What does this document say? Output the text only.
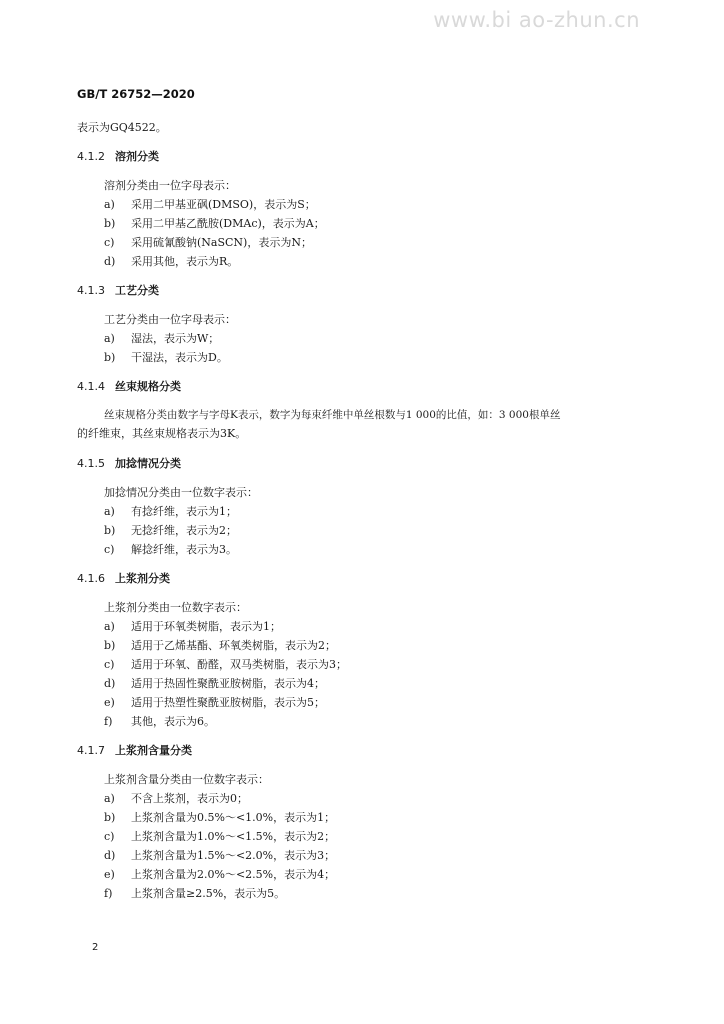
www.bi ao-zhun.cn
GB/T 26752—2020
表示为GQ4522。
4.1.2 溶剂分类
溶剂分类由一位字母表示：
a) 采用二甲基亚砜(DMSO)，表示为S；
b) 采用二甲基乙酰胺(DMAc)，表示为A；
c) 采用硫氰酸钠(NaSCN)，表示为N；
d) 采用其他，表示为R。
4.1.3 工艺分类
工艺分类由一位字母表示：
a) 湿法，表示为W；
b) 干湿法，表示为D。
4.1.4 丝束规格分类
丝束规格分类由数字与字母K表示，数字为每束纤维中单丝根数与1 000的比值，如：3 000根单丝
的纤维束，其丝束规格表示为3K。
4.1.5 加捻情况分类
加捻情况分类由一位数字表示：
a) 有捻纤维，表示为1；
b) 无捻纤维，表示为2；
c) 解捻纤维，表示为3。
4.1.6 上浆剂分类
上浆剂分类由一位数字表示：
a) 适用于环氧类树脂，表示为1；
b) 适用于乙烯基酯、环氧类树脂，表示为2；
c) 适用于环氧、酚醛，双马类树脂，表示为3；
d) 适用于热固性聚酰亚胺树脂，表示为4；
e) 适用于热塑性聚酰亚胺树脂，表示为5；
f) 其他，表示为6。
4.1.7 上浆剂含量分类
上浆剂含量分类由一位数字表示：
a) 不含上浆剂，表示为0；
b) 上浆剂含量为0.5%～<1.0%，表示为1；
c) 上浆剂含量为1.0%～<1.5%，表示为2；
d) 上浆剂含量为1.5%～<2.0%，表示为3；
e) 上浆剂含量为2.0%～<2.5%，表示为4；
f) 上浆剂含量≥2.5%，表示为5。
2
